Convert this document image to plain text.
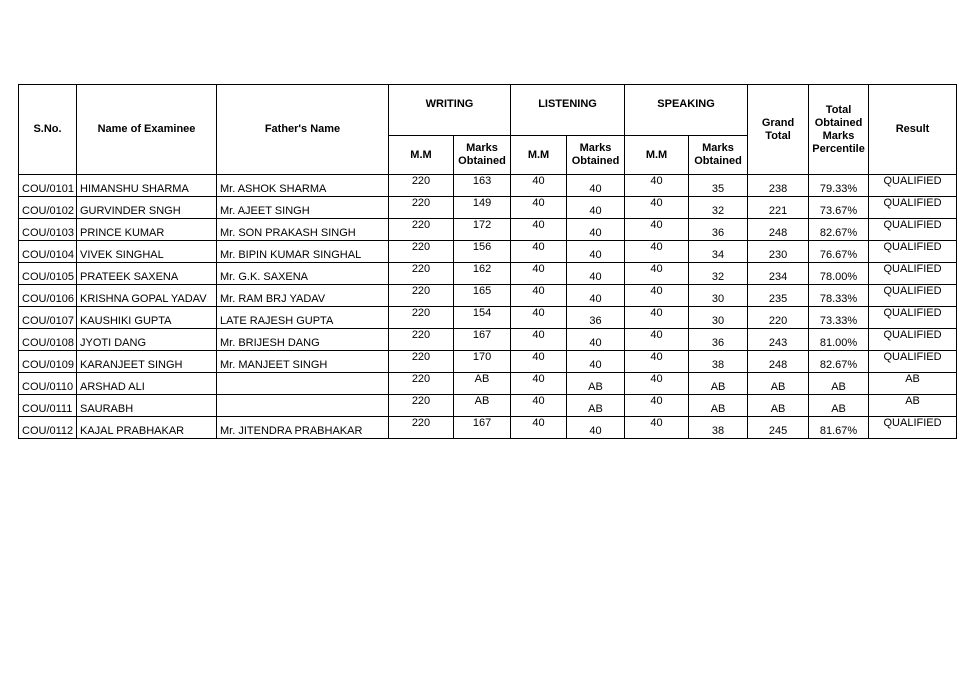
S.No.	Name of Examinee	Father's Name	WRITING		LISTENING		SPEAKING		Grand Total	Total Obtained Marks Percentile	Result
			M.M	Marks Obtained	M.M	Marks Obtained	M.M	Marks Obtained			
COU/0101	HIMANSHU SHARMA	Mr. ASHOK SHARMA	220	163	40	40	40	35	238	79.33%	QUALIFIED
COU/0102	GURVINDER SNGH	Mr. AJEET SINGH	220	149	40	40	40	32	221	73.67%	QUALIFIED
COU/0103	PRINCE KUMAR	Mr. SON PRAKASH SINGH	220	172	40	40	40	36	248	82.67%	QUALIFIED
COU/0104	VIVEK SINGHAL	Mr. BIPIN KUMAR SINGHAL	220	156	40	40	40	34	230	76.67%	QUALIFIED
COU/0105	PRATEEK SAXENA	Mr. G.K. SAXENA	220	162	40	40	40	32	234	78.00%	QUALIFIED
COU/0106	KRISHNA GOPAL YADAV	Mr. RAM BRJ YADAV	220	165	40	40	40	30	235	78.33%	QUALIFIED
COU/0107	KAUSHIKI GUPTA	LATE RAJESH GUPTA	220	154	40	36	40	30	220	73.33%	QUALIFIED
COU/0108	JYOTI DANG	Mr. BRIJESH DANG	220	167	40	40	40	36	243	81.00%	QUALIFIED
COU/0109	KARANJEET SINGH	Mr. MANJEET SINGH	220	170	40	40	40	38	248	82.67%	QUALIFIED
COU/0110	ARSHAD ALI		220	AB	40	AB	40	AB	AB	AB	AB
COU/0111	SAURABH		220	AB	40	AB	40	AB	AB	AB	AB
COU/0112	KAJAL PRABHAKAR	Mr. JITENDRA PRABHAKAR	220	167	40	40	40	38	245	81.67%	QUALIFIED
